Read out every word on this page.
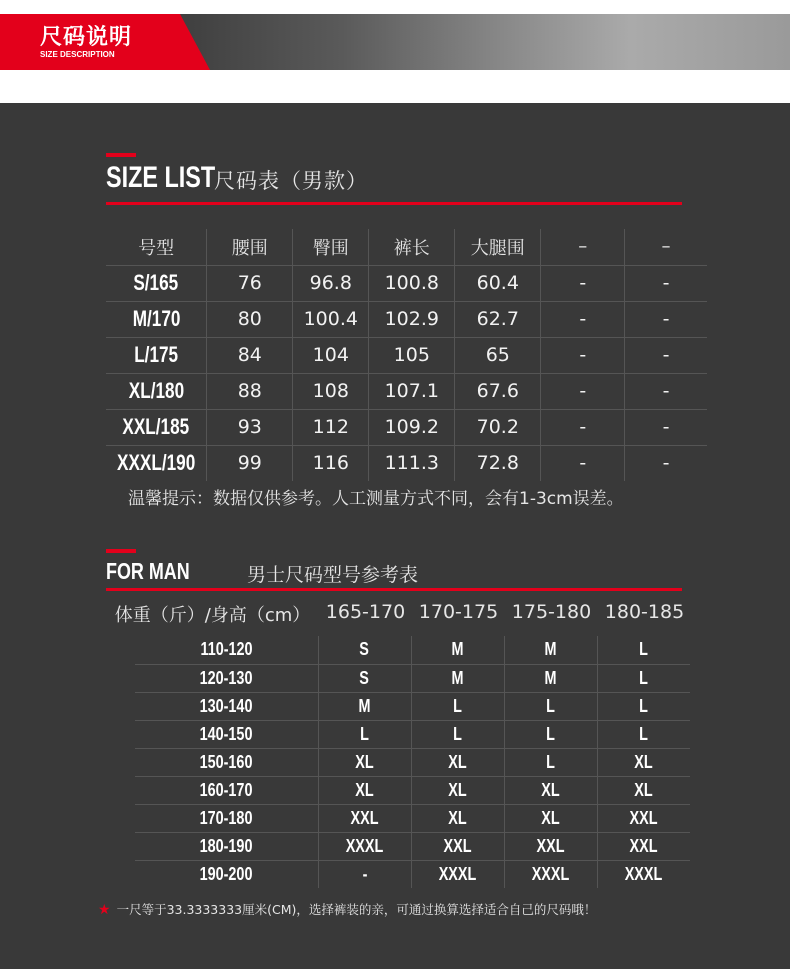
尺码说明
SIZE DESCRIPTION
SIZE LIST
尺码表（男款）
号型	腰围	臀围	裤长	大腿围	–	–
S/165	76	96.8	100.8	60.4	-	-
M/170	80	100.4	102.9	62.7	-	-
L/175	84	104	105	65	-	-
XL/180	88	108	107.1	67.6	-	-
XXL/185	93	112	109.2	70.2	-	-
XXXL/190	99	116	111.3	72.8	-	-
温馨提示：数据仅供参考。人工测量方式不同，会有1-3cm误差。
FOR MAN	男士尺码型号参考表
体重（斤）/身高（cm） 165-170 170-175 175-180 180-185
110-120	S	M	M	L
120-130	S	M	M	L
130-140	M	L	L	L
140-150	L	L	L	L
150-160	XL	XL	L	XL
160-170	XL	XL	XL	XL
170-180	XXL	XL	XL	XXL
180-190	XXXL	XXL	XXL	XXL
190-200	-	XXXL	XXXL	XXXL
★ 一尺等于33.3333333厘米(CM)，选择裤装的亲，可通过换算选择适合自己的尺码哦！
